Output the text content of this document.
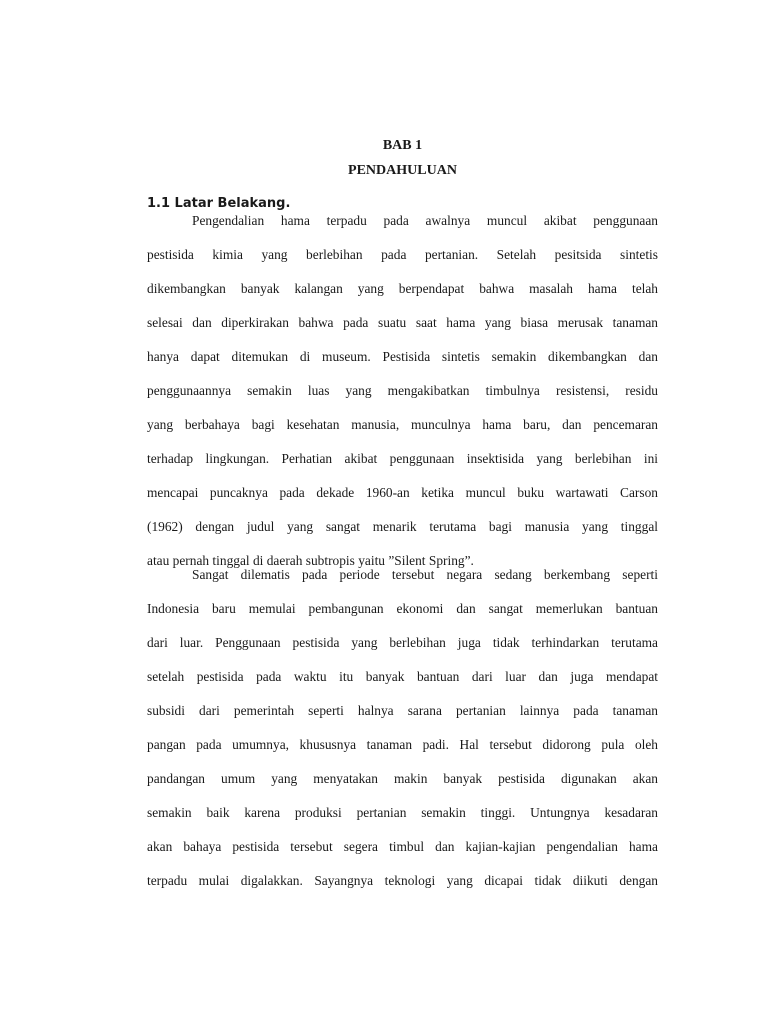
BAB 1

PENDAHULUAN

1.1 Latar Belakang.

Pengendalian hama terpadu pada awalnya muncul akibat penggunaan
pestisida kimia yang berlebihan pada pertanian. Setelah pesitsida sintetis
dikembangkan banyak kalangan yang berpendapat bahwa masalah hama telah
selesai dan diperkirakan bahwa pada suatu saat hama yang biasa merusak tanaman
hanya dapat ditemukan di museum. Pestisida sintetis semakin dikembangkan dan
penggunaannya semakin luas yang mengakibatkan timbulnya resistensi, residu
yang berbahaya bagi kesehatan manusia, munculnya hama baru, dan pencemaran
terhadap lingkungan. Perhatian akibat penggunaan insektisida yang berlebihan ini
mencapai puncaknya pada dekade 1960-an ketika muncul buku wartawati Carson
(1962) dengan judul yang sangat menarik terutama bagi manusia yang tinggal
atau pernah tinggal di daerah subtropis yaitu ”Silent Spring”.
Sangat dilematis pada periode tersebut negara sedang berkembang seperti
Indonesia baru memulai pembangunan ekonomi dan sangat memerlukan bantuan
dari luar. Penggunaan pestisida yang berlebihan juga tidak terhindarkan terutama
setelah pestisida pada waktu itu banyak bantuan dari luar dan juga mendapat
subsidi dari pemerintah seperti halnya sarana pertanian lainnya pada tanaman
pangan pada umumnya, khususnya tanaman padi. Hal tersebut didorong pula oleh
pandangan umum yang menyatakan makin banyak pestisida digunakan akan
semakin baik karena produksi pertanian semakin tinggi. Untungnya kesadaran
akan bahaya pestisida tersebut segera timbul dan kajian-kajian pengendalian hama
terpadu mulai digalakkan. Sayangnya teknologi yang dicapai tidak diikuti dengan
